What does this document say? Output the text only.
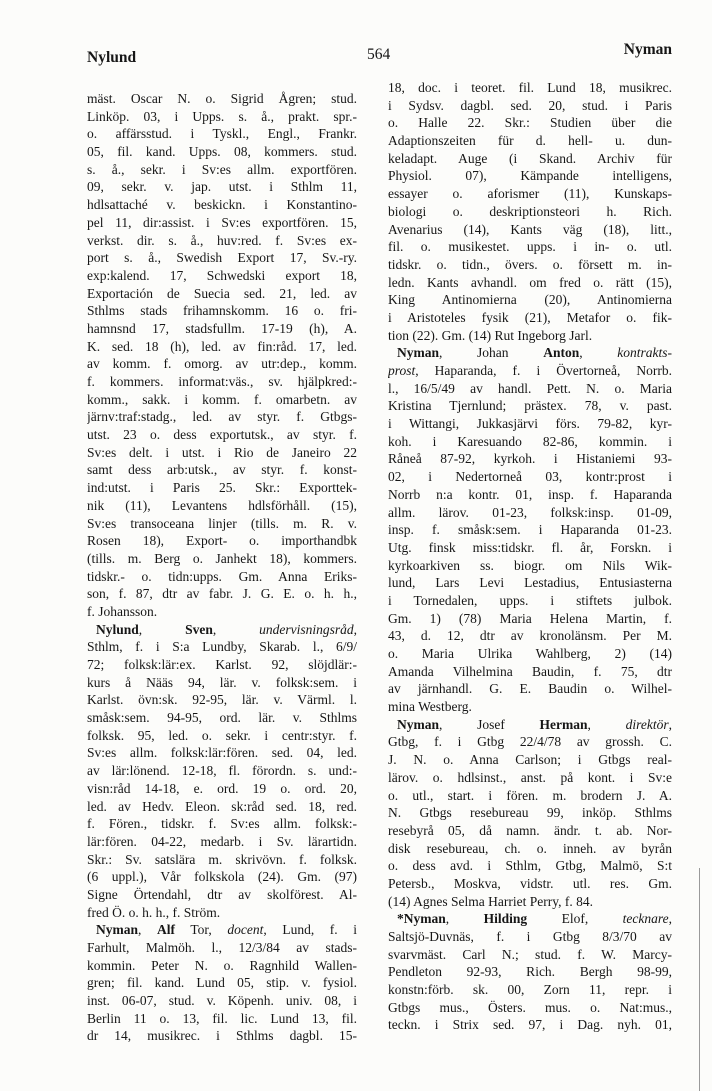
Nylund	564	Nyman
mäst. Oscar N. o. Sigrid Ågren; stud.
Linköp. 03, i Upps. s. å., prakt. spr.-
o. affärsstud. i Tyskl., Engl., Frankr.
05, fil. kand. Upps. 08, kommers. stud.
s. å., sekr. i Sv:es allm. exportfören.
09, sekr. v. jap. utst. i Sthlm 11,
hdlsattaché v. beskickn. i Konstantino-
pel 11, dir:assist. i Sv:es exportfören. 15,
verkst. dir. s. å., huv:red. f. Sv:es ex-
port s. å., Swedish Export 17, Sv.-ry.
exp:kalend. 17, Schwedski export 18,
Exportación de Suecia sed. 21, led. av
Sthlms stads frihamnskomm. 16 o. fri-
hamnsnd 17, stadsfullm. 17-19 (h), A.
K. sed. 18 (h), led. av fin:råd. 17, led.
av komm. f. omorg. av utr:dep., komm.
f. kommers. informat:väs., sv. hjälpkred:-
komm., sakk. i komm. f. omarbetn. av
järnv:traf:stadg., led. av styr. f. Gtbgs-
utst. 23 o. dess exportutsk., av styr. f.
Sv:es delt. i utst. i Rio de Janeiro 22
samt dess arb:utsk., av styr. f. konst-
ind:utst. i Paris 25. Skr.: Exporttek-
nik (11), Levantens hdlsförhåll. (15),
Sv:es transoceana linjer (tills. m. R. v.
Rosen 18), Export- o. importhandbk
(tills. m. Berg o. Janhekt 18), kommers.
tidskr.- o. tidn:upps. Gm. Anna Eriks-
son, f. 87, dtr av fabr. J. G. E. o. h. h.,
f. Johansson.
Nylund, Sven, undervisningsråd,
Sthlm, f. i S:a Lundby, Skarab. l., 6/9/
72; folksk:lär:ex. Karlst. 92, slöjdlär:-
kurs å Nääs 94, lär. v. folksk:sem. i
Karlst. övn:sk. 92-95, lär. v. Värml. l.
småsk:sem. 94-95, ord. lär. v. Sthlms
folksk. 95, led. o. sekr. i centr:styr. f.
Sv:es allm. folksk:lär:fören. sed. 04, led.
av lär:lönend. 12-18, fl. förordn. s. und:-
visn:råd 14-18, e. ord. 19 o. ord. 20,
led. av Hedv. Eleon. sk:råd sed. 18, red.
f. Fören., tidskr. f. Sv:es allm. folksk:-
lär:fören. 04-22, medarb. i Sv. lärartidn.
Skr.: Sv. satslära m. skrivövn. f. folksk.
(6 uppl.), Vår folkskola (24). Gm. (97)
Signe Örtendahl, dtr av skolförest. Al-
fred Ö. o. h. h., f. Ström.
Nyman, Alf Tor, docent, Lund, f. i
Farhult, Malmöh. l., 12/3/84 av stads-
kommin. Peter N. o. Ragnhild Wallen-
gren; fil. kand. Lund 05, stip. v. fysiol.
inst. 06-07, stud. v. Köpenh. univ. 08, i
Berlin 11 o. 13, fil. lic. Lund 13, fil.
dr 14, musikrec. i Sthlms dagbl. 15-
18, doc. i teoret. fil. Lund 18, musikrec.
i Sydsv. dagbl. sed. 20, stud. i Paris
o. Halle 22. Skr.: Studien über die
Adaptionszeiten für d. hell- u. dun-
keladapt. Auge (i Skand. Archiv für
Physiol. 07), Kämpande intelligens,
essayer o. aforismer (11), Kunskaps-
biologi o. deskriptionsteori h. Rich.
Avenarius (14), Kants väg (18), litt.,
fil. o. musikestet. upps. i in- o. utl.
tidskr. o. tidn., övers. o. försett m. in-
ledn. Kants avhandl. om fred o. rätt (15),
King Antinomierna (20), Antinomierna
i Aristoteles fysik (21), Metafor o. fik-
tion (22). Gm. (14) Rut Ingeborg Jarl.
Nyman, Johan Anton, kontrakts-
prost, Haparanda, f. i Övertorneå, Norrb.
l., 16/5/49 av handl. Pett. N. o. Maria
Kristina Tjernlund; prästex. 78, v. past.
i Wittangi, Jukkasjärvi förs. 79-82, kyr-
koh. i Karesuando 82-86, kommin. i
Råneå 87-92, kyrkoh. i Histaniemi 93-
02, i Nedertorneå 03, kontr:prost i
Norrb n:a kontr. 01, insp. f. Haparanda
allm. lärov. 01-23, folksk:insp. 01-09,
insp. f. småsk:sem. i Haparanda 01-23.
Utg. finsk miss:tidskr. fl. år, Forskn. i
kyrkoarkiven ss. biogr. om Nils Wik-
lund, Lars Levi Lestadius, Entusiasterna
i Tornedalen, upps. i stiftets julbok.
Gm. 1) (78) Maria Helena Martin, f.
43, d. 12, dtr av kronolänsm. Per M.
o. Maria Ulrika Wahlberg, 2) (14)
Amanda Vilhelmina Baudin, f. 75, dtr
av järnhandl. G. E. Baudin o. Wilhel-
mina Westberg.
Nyman, Josef Herman, direktör,
Gtbg, f. i Gtbg 22/4/78 av grossh. C.
J. N. o. Anna Carlson; i Gtbgs real-
lärov. o. hdlsinst., anst. på kont. i Sv:e
o. utl., start. i fören. m. brodern J. A.
N. Gtbgs resebureau 99, inköp. Sthlms
resebyrå 05, då namn. ändr. t. ab. Nor-
disk resebureau, ch. o. inneh. av byrån
o. dess avd. i Sthlm, Gtbg, Malmö, S:t
Petersb., Moskva, vidstr. utl. res. Gm.
(14) Agnes Selma Harriet Perry, f. 84.
*Nyman, Hilding Elof, tecknare,
Saltsjö-Duvnäs, f. i Gtbg 8/3/70 av
svarvmäst. Carl N.; stud. f. W. Marcy-
Pendleton 92-93, Rich. Bergh 98-99,
konstn:förb. sk. 00, Zorn 11, repr. i
Gtbgs mus., Östers. mus. o. Nat:mus.,
teckn. i Strix sed. 97, i Dag. nyh. 01,
